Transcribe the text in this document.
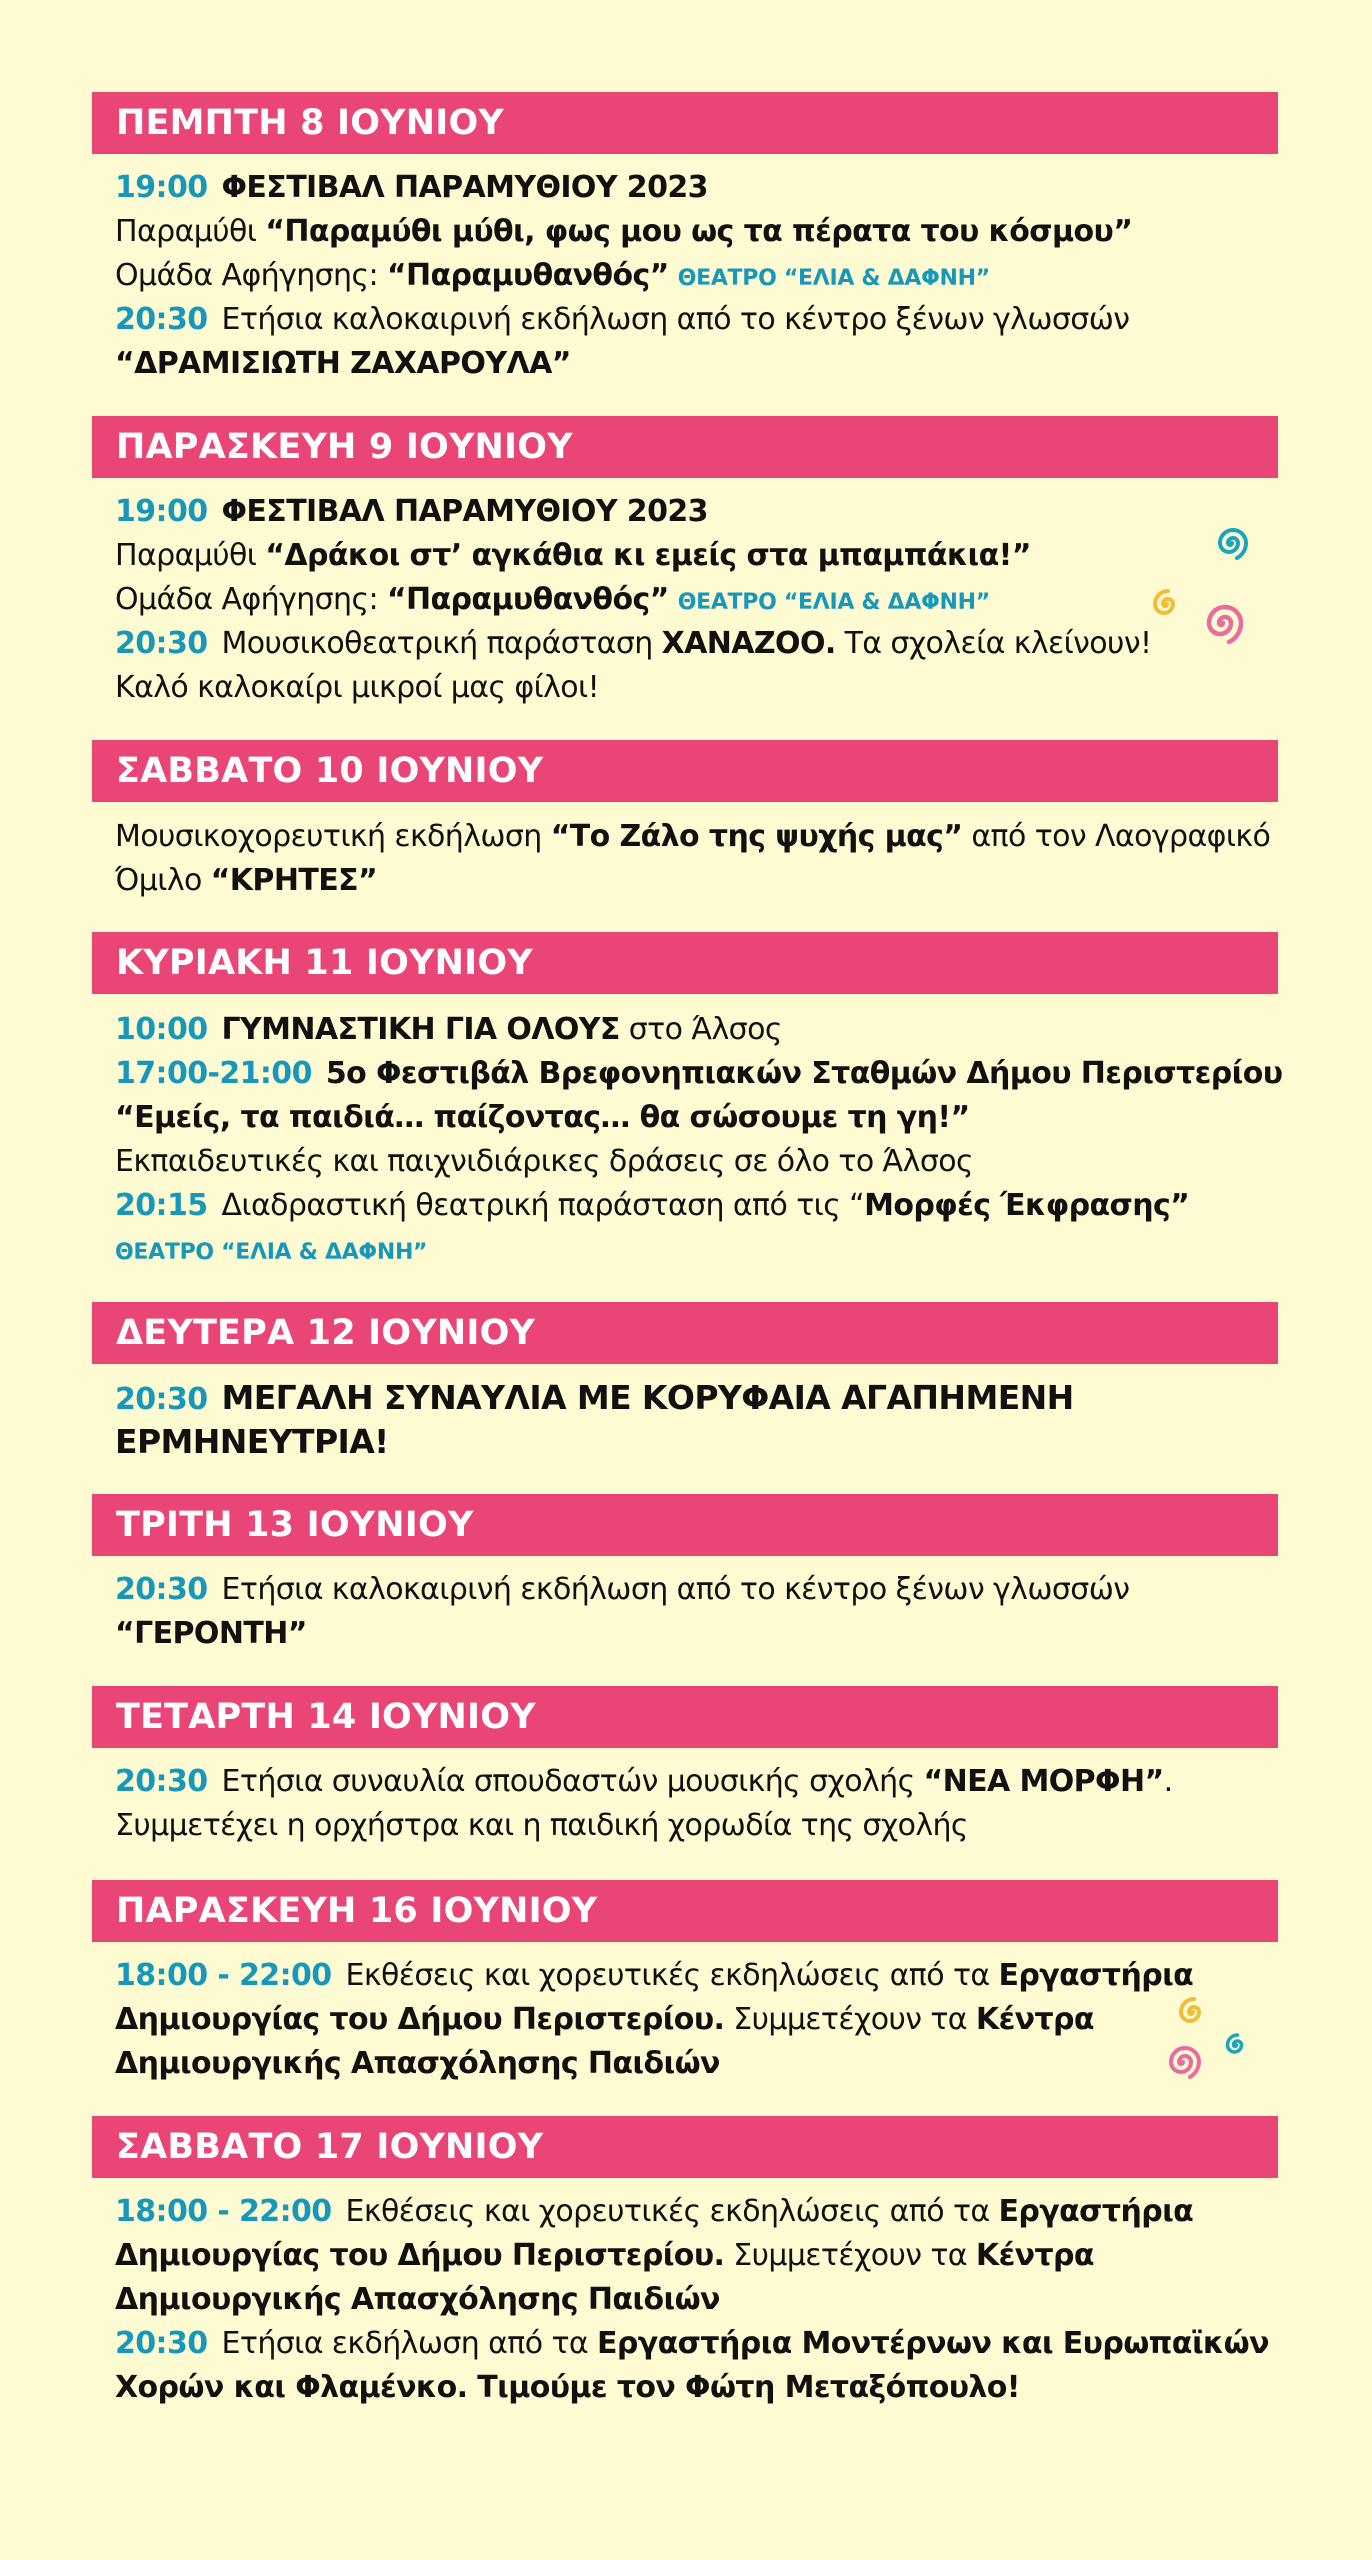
ΠΕΜΠΤΗ 8 ΙΟΥΝΙΟΥ
19:00 ΦΕΣΤΙΒΑΛ ΠΑΡΑΜΥΘΙΟΥ 2023
Παραμύθι “Παραμύθι μύθι, φως μου ως τα πέρατα του κόσμου”
Ομάδα Αφήγησης: “Παραμυθανθός” ΘΕΑΤΡΟ “ΕΛΙΑ & ΔΑΦΝΗ”
20:30 Ετήσια καλοκαιρινή εκδήλωση από το κέντρο ξένων γλωσσών
“ΔΡΑΜΙΣΙΩΤΗ ΖΑΧΑΡΟΥΛΑ”
ΠΑΡΑΣΚΕΥΗ 9 ΙΟΥΝΙΟΥ
19:00 ΦΕΣΤΙΒΑΛ ΠΑΡΑΜΥΘΙΟΥ 2023
Παραμύθι “Δράκοι στ’ αγκάθια κι εμείς στα μπαμπάκια!”
Ομάδα Αφήγησης: “Παραμυθανθός” ΘΕΑΤΡΟ “ΕΛΙΑ & ΔΑΦΝΗ”
20:30 Μουσικοθεατρική παράσταση ΧΑΝΑΖΟΟ. Τα σχολεία κλείνουν!
Καλό καλοκαίρι μικροί μας φίλοι!
ΣΑΒΒΑΤΟ 10 ΙΟΥΝΙΟΥ
Μουσικοχορευτική εκδήλωση “Το Ζάλο της ψυχής μας” από τον Λαογραφικό
Όμιλο “ΚΡΗΤΕΣ”
ΚΥΡΙΑΚΗ 11 ΙΟΥΝΙΟΥ
10:00 ΓΥΜΝΑΣΤΙΚΗ ΓΙΑ ΟΛΟΥΣ στο Άλσος
17:00-21:00 5ο Φεστιβάλ Βρεφονηπιακών Σταθμών Δήμου Περιστερίου
“Εμείς, τα παιδιά… παίζοντας… θα σώσουμε τη γη!”
Εκπαιδευτικές και παιχνιδιάρικες δράσεις σε όλο το Άλσος
20:15 Διαδραστική θεατρική παράσταση από τις “Μορφές Έκφρασης”
ΘΕΑΤΡΟ “ΕΛΙΑ & ΔΑΦΝΗ”
ΔΕΥΤΕΡΑ 12 ΙΟΥΝΙΟΥ
20:30 ΜΕΓΑΛΗ ΣΥΝΑΥΛΙΑ ΜΕ ΚΟΡΥΦΑΙΑ ΑΓΑΠΗΜΕΝΗ
ΕΡΜΗΝΕΥΤΡΙΑ!
ΤΡΙΤΗ 13 ΙΟΥΝΙΟΥ
20:30 Ετήσια καλοκαιρινή εκδήλωση από το κέντρο ξένων γλωσσών
“ΓΕΡΟΝΤΗ”
ΤΕΤΑΡΤΗ 14 ΙΟΥΝΙΟΥ
20:30 Ετήσια συναυλία σπουδαστών μουσικής σχολής “ΝΕΑ ΜΟΡΦΗ”.
Συμμετέχει η ορχήστρα και η παιδική χορωδία της σχολής
ΠΑΡΑΣΚΕΥΗ 16 ΙΟΥΝΙΟΥ
18:00 - 22:00 Εκθέσεις και χορευτικές εκδηλώσεις από τα Εργαστήρια
Δημιουργίας του Δήμου Περιστερίου. Συμμετέχουν τα Κέντρα
Δημιουργικής Απασχόλησης Παιδιών
ΣΑΒΒΑΤΟ 17 ΙΟΥΝΙΟΥ
18:00 - 22:00 Εκθέσεις και χορευτικές εκδηλώσεις από τα Εργαστήρια
Δημιουργίας του Δήμου Περιστερίου. Συμμετέχουν τα Κέντρα
Δημιουργικής Απασχόλησης Παιδιών
20:30 Ετήσια εκδήλωση από τα Εργαστήρια Μοντέρνων και Ευρωπαϊκών
Χορών και Φλαμένκο. Τιμούμε τον Φώτη Μεταξόπουλο!
